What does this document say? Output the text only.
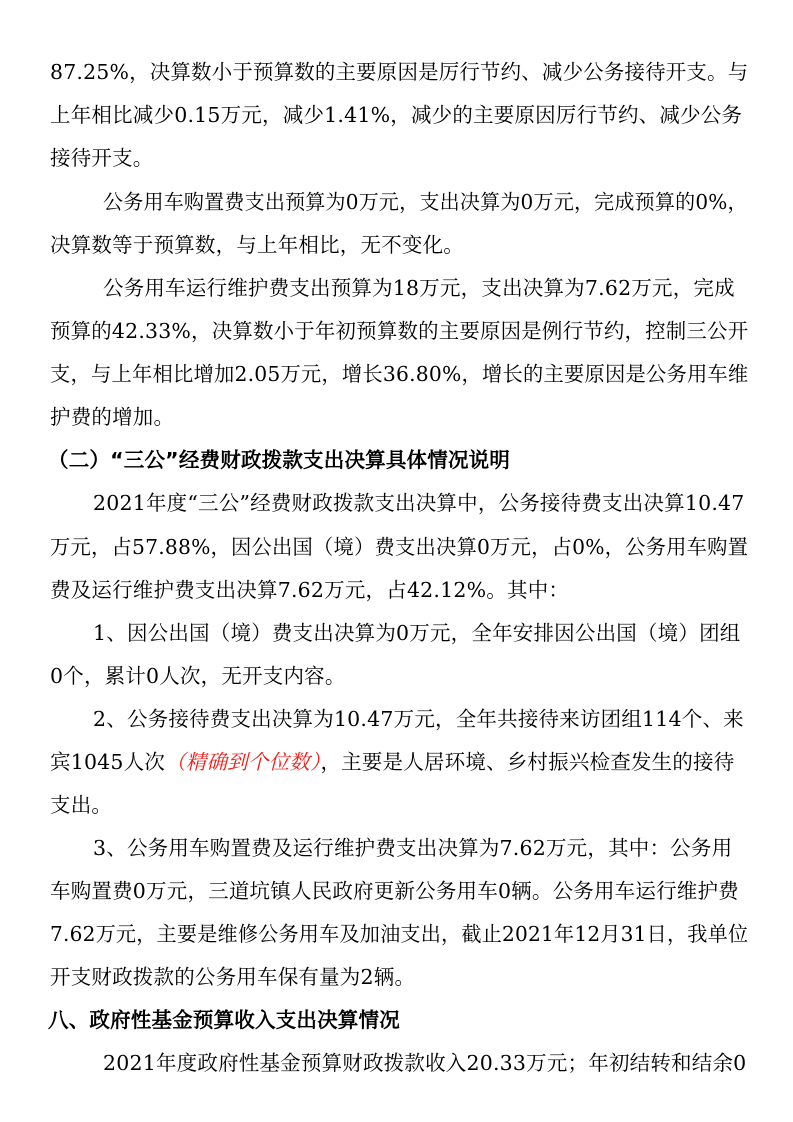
87.25%，决算数小于预算数的主要原因是厉行节约、减少公务接待开支。与
上年相比减少0.15万元，减少1.41%，减少的主要原因厉行节约、减少公务
接待开支。
公务用车购置费支出预算为0万元，支出决算为0万元，完成预算的0%，
决算数等于预算数，与上年相比，无不变化。
公务用车运行维护费支出预算为18万元，支出决算为7.62万元，完成
预算的42.33%，决算数小于年初预算数的主要原因是例行节约，控制三公开
支，与上年相比增加2.05万元，增长36.80%，增长的主要原因是公务用车维
护费的增加。
（二）“三公”经费财政拨款支出决算具体情况说明
2021年度“三公”经费财政拨款支出决算中，公务接待费支出决算10.47
万元，占57.88%，因公出国（境）费支出决算0万元，占0%，公务用车购置
费及运行维护费支出决算7.62万元，占42.12%。其中：
1、因公出国（境）费支出决算为0万元，全年安排因公出国（境）团组
0个，累计0人次，无开支内容。
2、公务接待费支出决算为10.47万元，全年共接待来访团组114个、来
宾1045人次（精确到个位数），主要是人居环境、乡村振兴检查发生的接待
支出。
3、公务用车购置费及运行维护费支出决算为7.62万元，其中：公务用
车购置费0万元，三道坑镇人民政府更新公务用车0辆。公务用车运行维护费
7.62万元，主要是维修公务用车及加油支出，截止2021年12月31日，我单位
开支财政拨款的公务用车保有量为2辆。
八、政府性基金预算收入支出决算情况
2021年度政府性基金预算财政拨款收入20.33万元；年初结转和结余0
